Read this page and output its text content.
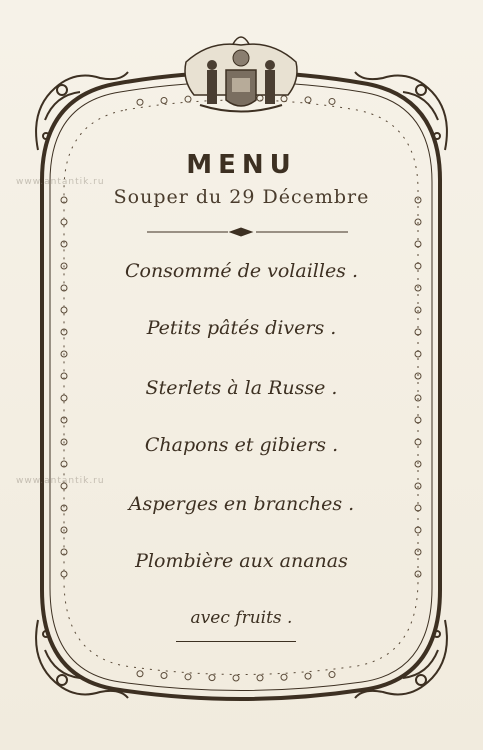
MENU
Souper du 29 Décembre
Consommé de volailles .
Petits pâtés divers .
Sterlets à la Russe .
Chapons et gibiers .
Asperges en branches .
Plombière aux ananas
avec fruits .
www.antantik.ru
www.antantik.ru
